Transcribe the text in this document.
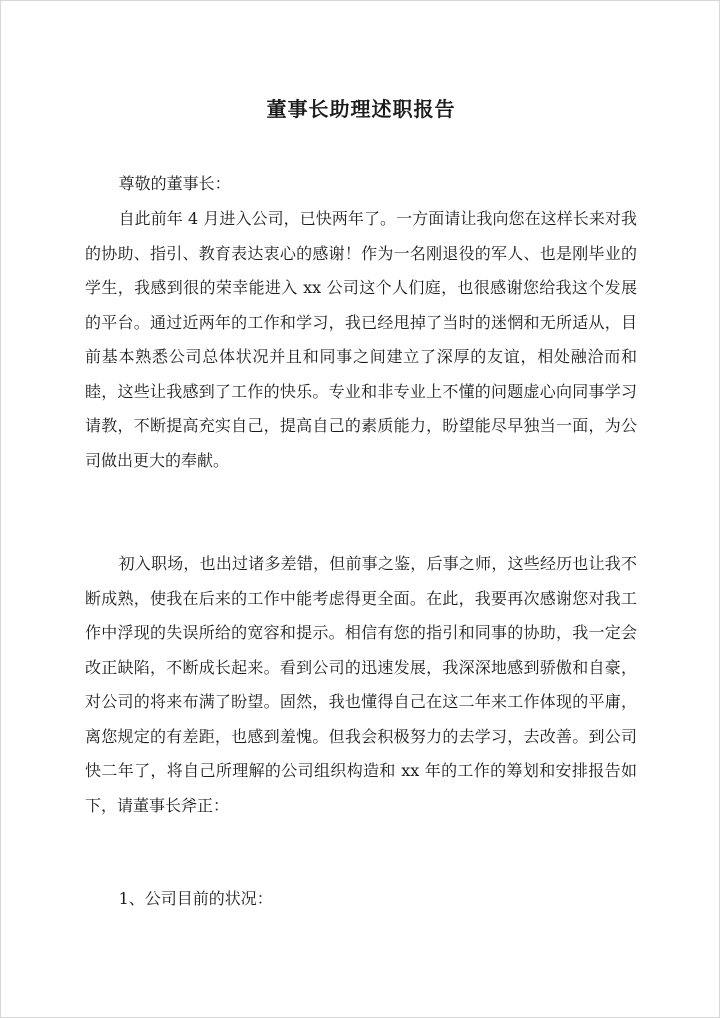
董事长助理述职报告

尊敬的董事长：

自此前年 4 月进入公司，已快两年了。一方面请让我向您在这样长来对我的协助、指引、教育表达衷心的感谢！作为一名刚退役的军人、也是刚毕业的学生，我感到很的荣幸能进入 xx 公司这个人们庭，也很感谢您给我这个发展的平台。通过近两年的工作和学习，我已经甩掉了当时的迷惘和无所适从，目前基本熟悉公司总体状况并且和同事之间建立了深厚的友谊，相处融洽而和睦，这些让我感到了工作的快乐。专业和非专业上不懂的问题虚心向同事学习请教，不断提高充实自己，提高自己的素质能力，盼望能尽早独当一面，为公司做出更大的奉献。

初入职场，也出过诸多差错，但前事之鉴，后事之师，这些经历也让我不断成熟，使我在后来的工作中能考虑得更全面。在此，我要再次感谢您对我工作中浮现的失误所给的宽容和提示。相信有您的指引和同事的协助，我一定会改正缺陷，不断成长起来。看到公司的迅速发展，我深深地感到骄傲和自豪，对公司的将来布满了盼望。固然，我也懂得自己在这二年来工作体现的平庸，离您规定的有差距，也感到羞愧。但我会积极努力的去学习，去改善。到公司快二年了，将自己所理解的公司组织构造和 xx 年的工作的筹划和安排报告如下，请董事长斧正：

1、公司目前的状况：
